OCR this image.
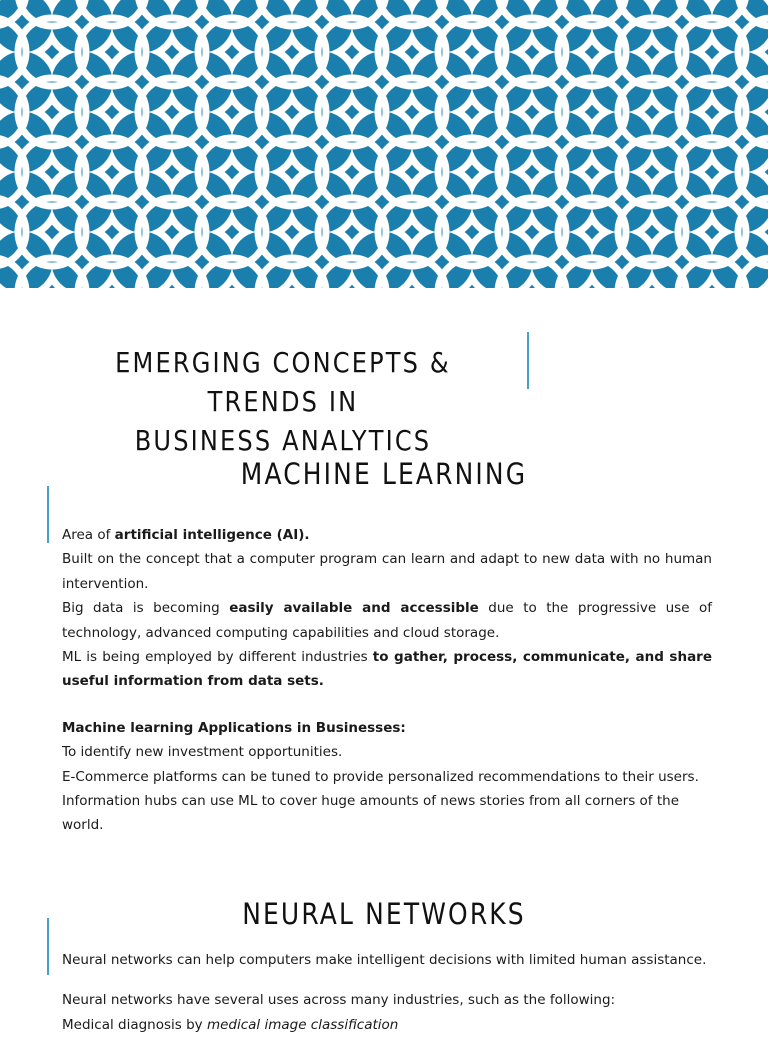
EMERGING CONCEPTS & TRENDS IN
BUSINESS ANALYTICS
MACHINE LEARNING

Area of artificial intelligence (AI).

Built on the concept that a computer program can learn and adapt to new data with no human intervention.

Big data is becoming easily available and accessible due to the progressive use of technology, advanced computing capabilities and cloud storage.

ML is being employed by different industries to gather, process, communicate, and share useful information from data sets.

Machine learning Applications in Businesses:

To identify new investment opportunities.

E-Commerce platforms can be tuned to provide personalized recommendations to their users.

Information hubs can use ML to cover huge amounts of news stories from all corners of the world.

NEURAL NETWORKS

Neural networks can help computers make intelligent decisions with limited human assistance.

Neural networks have several uses across many industries, such as the following:

Medical diagnosis by medical image classification
